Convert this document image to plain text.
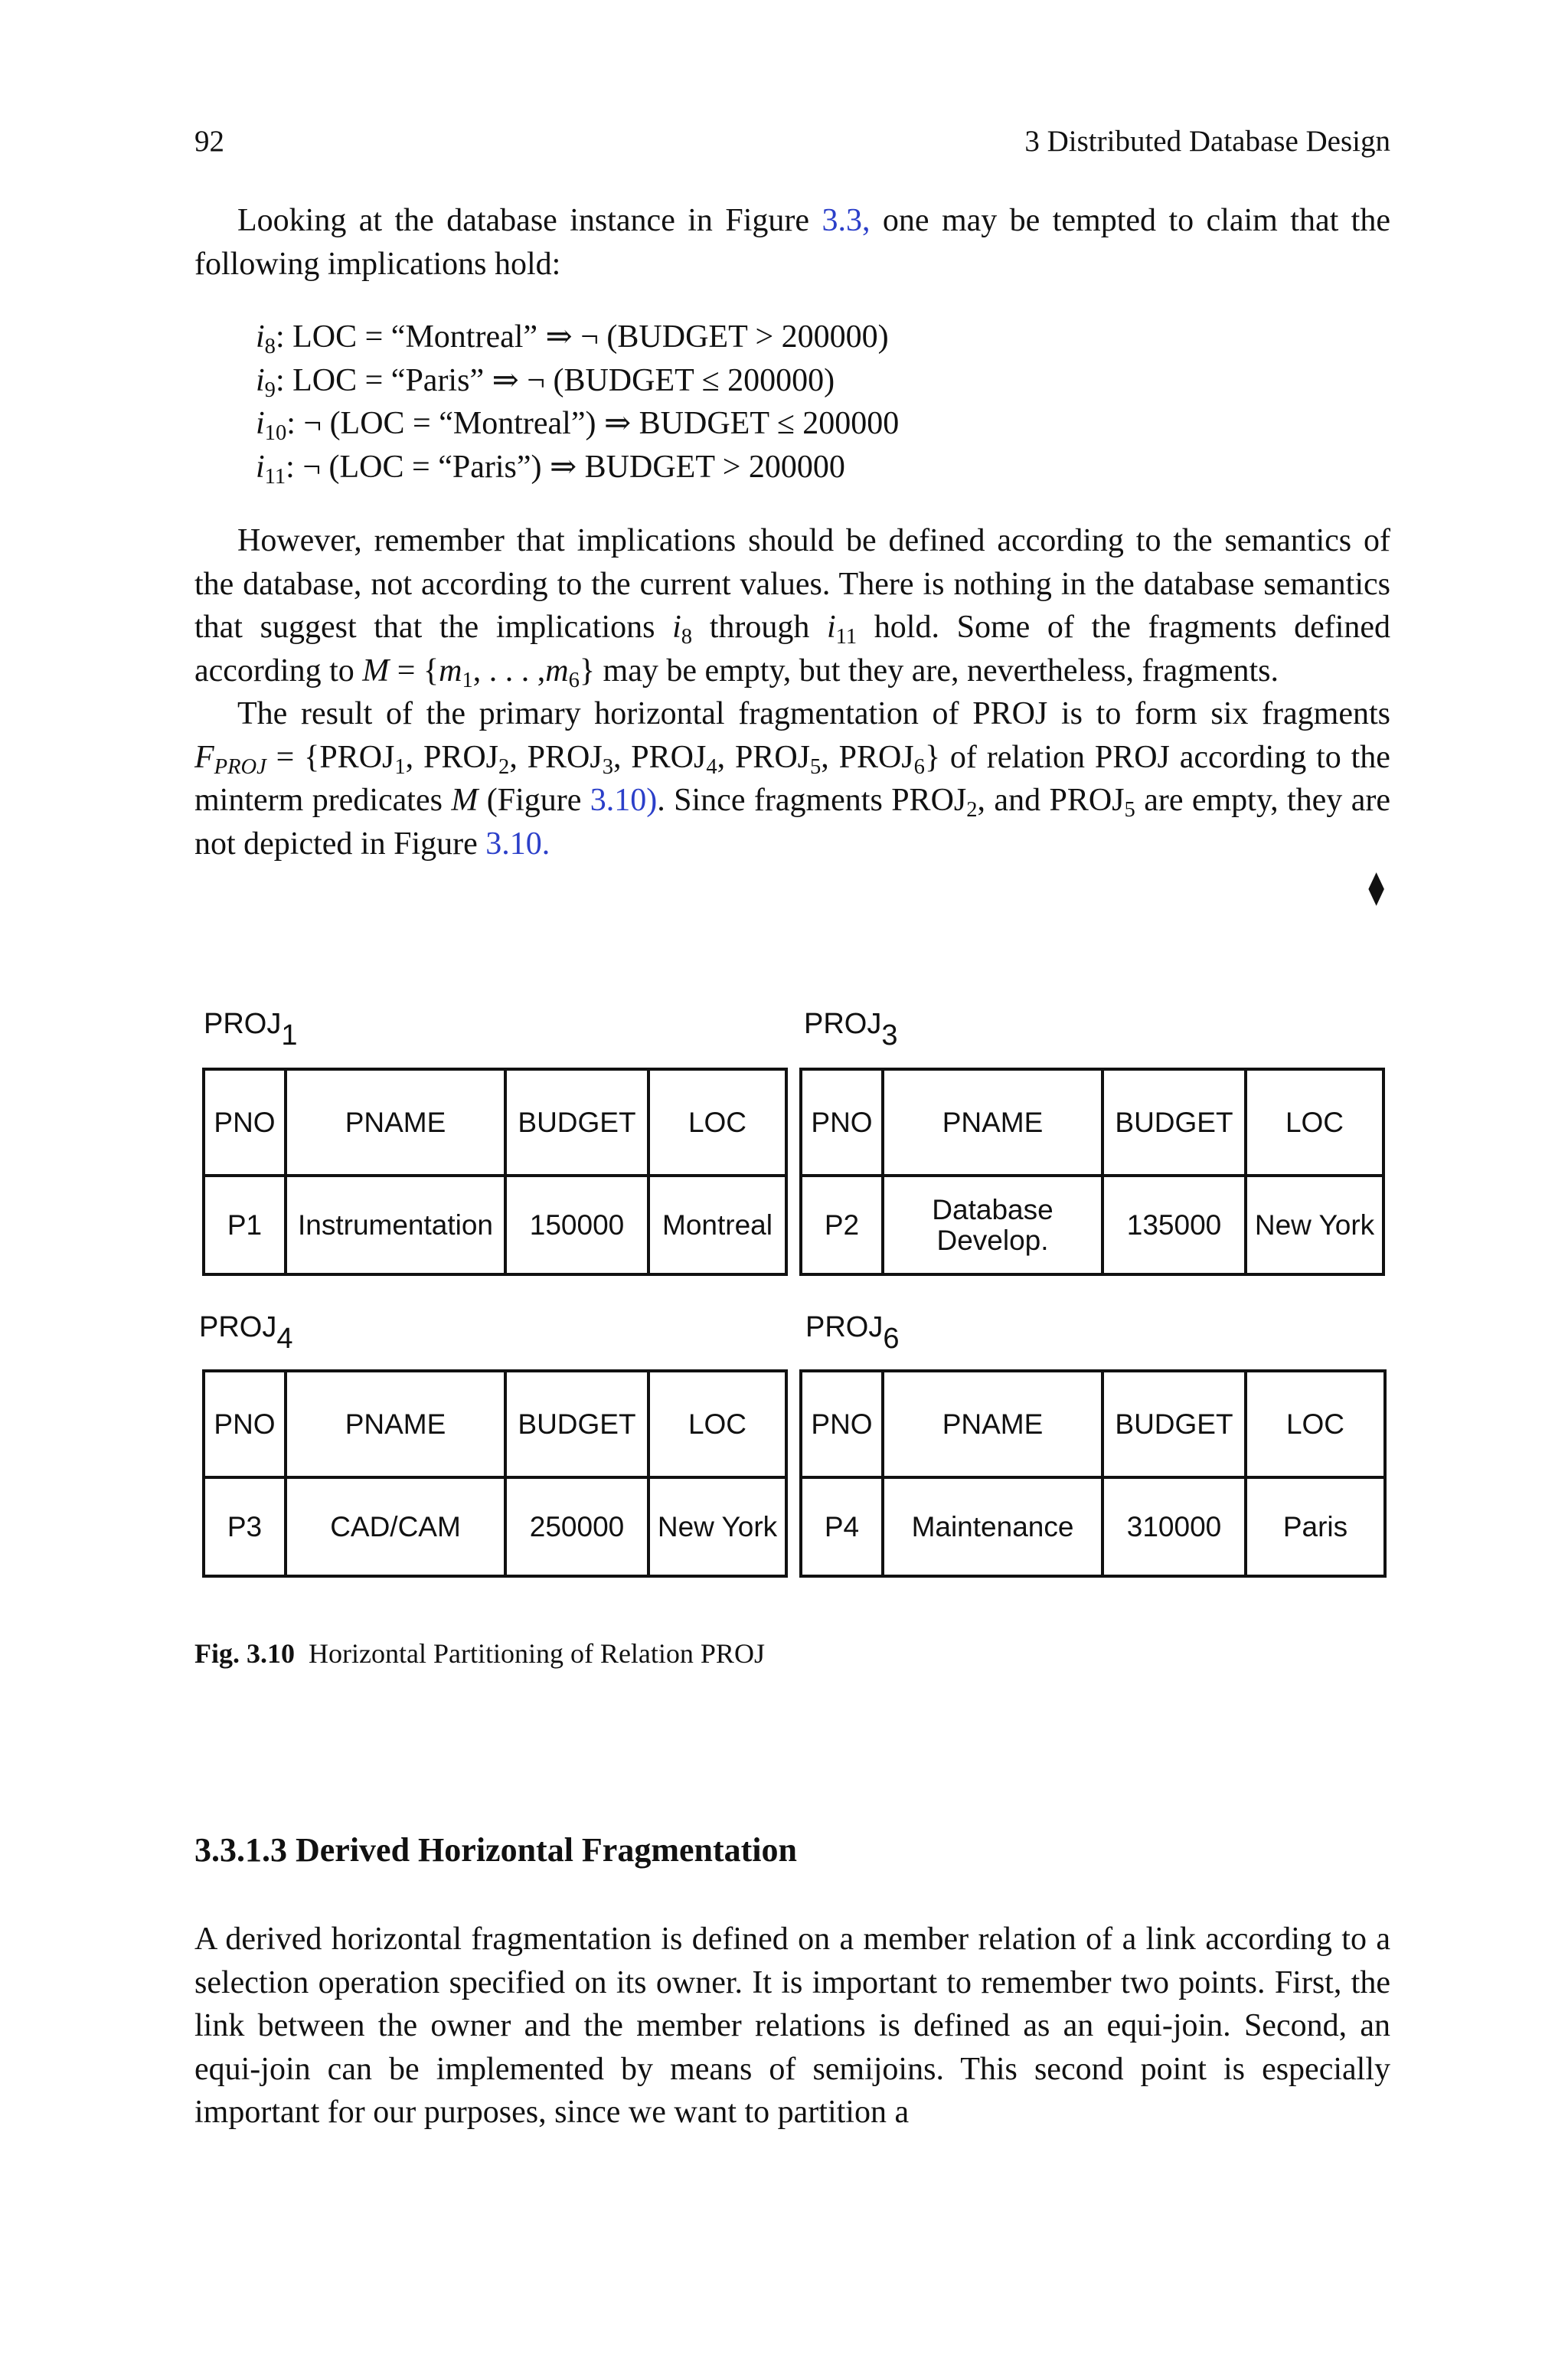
92	3 Distributed Database Design

Looking at the database instance in Figure 3.3, one may be tempted to claim that the following implications hold:

$i_8$: LOC = “Montreal” ⇒ ¬ (BUDGET > 200000)
$i_9$: LOC = “Paris” ⇒ ¬ (BUDGET ≤ 200000)
$i_{10}$: ¬ (LOC = “Montreal”) ⇒ BUDGET ≤ 200000
$i_{11}$: ¬ (LOC = “Paris”) ⇒ BUDGET > 200000

However, remember that implications should be defined according to the semantics of the database, not according to the current values. There is nothing in the database semantics that suggest that the implications $i_8$ through $i_{11}$ hold. Some of the fragments defined according to $M = \{m_1$, . . . $,m_6$} may be empty, but they are, nevertheless, fragments.

The result of the primary horizontal fragmentation of PROJ is to form six fragments $F_{PROJ}$ = {$PROJ_1$, $PROJ_2$, $PROJ_3$, $PROJ_4$, $PROJ_5$, $PROJ_6$} of relation PROJ according to the minterm predicates M (Figure 3.10). Since fragments $PROJ_2$, and $PROJ_5$ are empty, they are not depicted in Figure 3.10.

⧫
PROJ1	PROJ3
PROJ4	PROJ6
PNO	PNAME	BUDGET	LOC
P1	Instrumentation	150000	Montreal
PNO	PNAME	BUDGET	LOC
P2	Database Develop.	135000	New York
PNO	PNAME	BUDGET	LOC
P3	CAD/CAM	250000	New York
PNO	PNAME	BUDGET	LOC
P4	Maintenance	310000	Paris
Fig. 3.10 Horizontal Partitioning of Relation PROJ
3.3.1.3 Derived Horizontal Fragmentation

A derived horizontal fragmentation is defined on a member relation of a link according to a selection operation specified on its owner. It is important to remember two points. First, the link between the owner and the member relations is defined as an equi-join. Second, an equi-join can be implemented by means of semijoins. This second point is especially important for our purposes, since we want to partition a
